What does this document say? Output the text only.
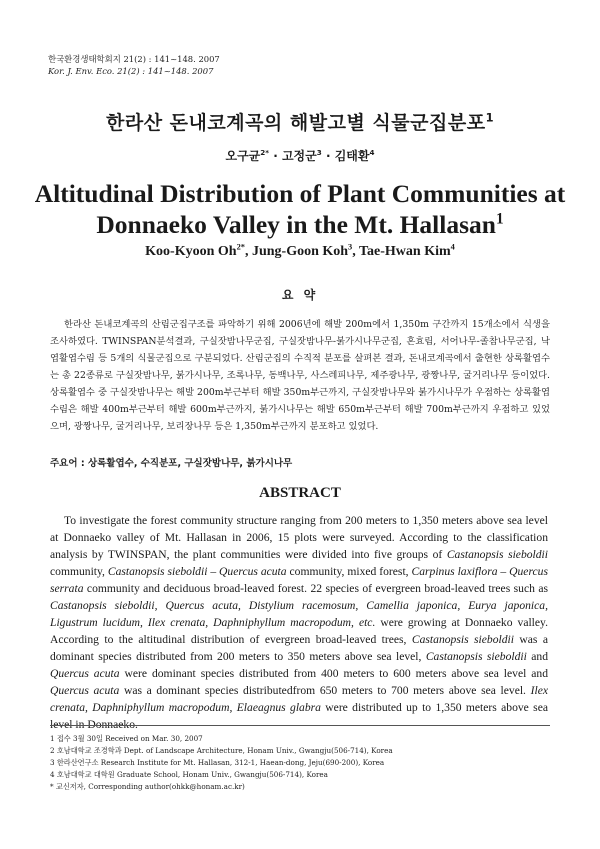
한국환경생태학회지 21(2) : 141~148. 2007
Kor. J. Env. Eco. 21(2) : 141~148. 2007
한라산 돈내코계곡의 해발고별 식물군집분포$^1$
오구균$^{2*}$ · 고정군$^3$ · 김태환$^4$
Altitudinal Distribution of Plant Communities at
Donnaeko Valley in the Mt. Hallasan$^1$
Koo-Kyoon $Oh^{2*}$, Jung-Goon Koh$^3$, Tae-Hwan Kim$^4$
요 약

한라산 돈내코계곡의 산림군집구조를 파악하기 위해 2006년에 해발 200m에서 1,350m 구간까지 15개소에서 식생을 조사하였다. TWINSPAN분석결과, 구실잣밤나무군집, 구실잣밤나무-붉가시나무군집, 혼효림, 서어나무-졸참나무군집, 낙엽활엽수림 등 5개의 식물군집으로 구분되었다. 산림군집의 수직적 분포를 살펴본 결과, 돈내코계곡에서 출현한 상록활엽수는 총 22종류로 구실잣밤나무, 붉가시나무, 조록나무, 동백나무, 사스레피나무, 제주광나무, 광짱나무, 굴거리나무 등이었다. 상록활엽수 중 구실잣밤나무는 해발 200m부근부터 해발 350m부근까지, 구실잣밤나무와 붉가시나무가 우점하는 상록활엽수림은 해발 400m부근부터 해발 600m부근까지, 붉가시나무는 해발 650m부근부터 해발 700m부근까지 우점하고 있었으며, 광짱나무, 굴거리나무, 보리장나무 등은 1,350m부근까지 분포하고 있었다.

주요어 : 상록활엽수, 수직분포, 구실잣밤나무, 붉가시나무
ABSTRACT

To investigate the forest community structure ranging from 200 meters to 1,350 meters above sea level at Donnaeko valley of Mt. Hallasan in 2006, 15 plots were surveyed. According to the classification analysis by TWINSPAN, the plant communities were divided into five groups of Castanopsis sieboldii community, Castanopsis sieboldii – Quercus acuta community, mixed forest, Carpinus laxiflora – Quercus serrata community and deciduous broad-leaved forest. 22 species of evergreen broad-leaved trees such as Castanopsis sieboldii, Quercus acuta, Distylium racemosum, Camellia japonica, Eurya japonica, Ligustrum lucidum, Ilex crenata, Daphniphyllum macropodum, etc. were growing at Donnaeko valley. According to the altitudinal distribution of evergreen broad-leaved trees, Castanopsis sieboldii was a dominant species distributed from 200 meters to 350 meters above sea level, Castanopsis sieboldii and Quercus acuta were dominant species distributed from 400 meters to 600 meters above sea level and Quercus acuta was a dominant species distributedfrom 650 meters to 700 meters above sea level. Ilex crenata, Daphniphyllum macropodum, Elaeagnus glabra were distributed up to 1,350 meters above sea level in Donnaeko.

1 접수 3월 30일 Received on Mar. 30, 2007
2 호남대학교 조경학과 Dept. of Landscape Architecture, Honam Univ., Gwangju(506-714), Korea
3 한라산연구소 Research Institute for Mt. Hallasan, 312-1, Haean-dong, Jeju(690-200), Korea
4 호남대학교 대학원 Graduate School, Honam Univ., Gwangju(506-714), Korea
* 교신저자, Corresponding author(ohkk@honam.ac.kr)
